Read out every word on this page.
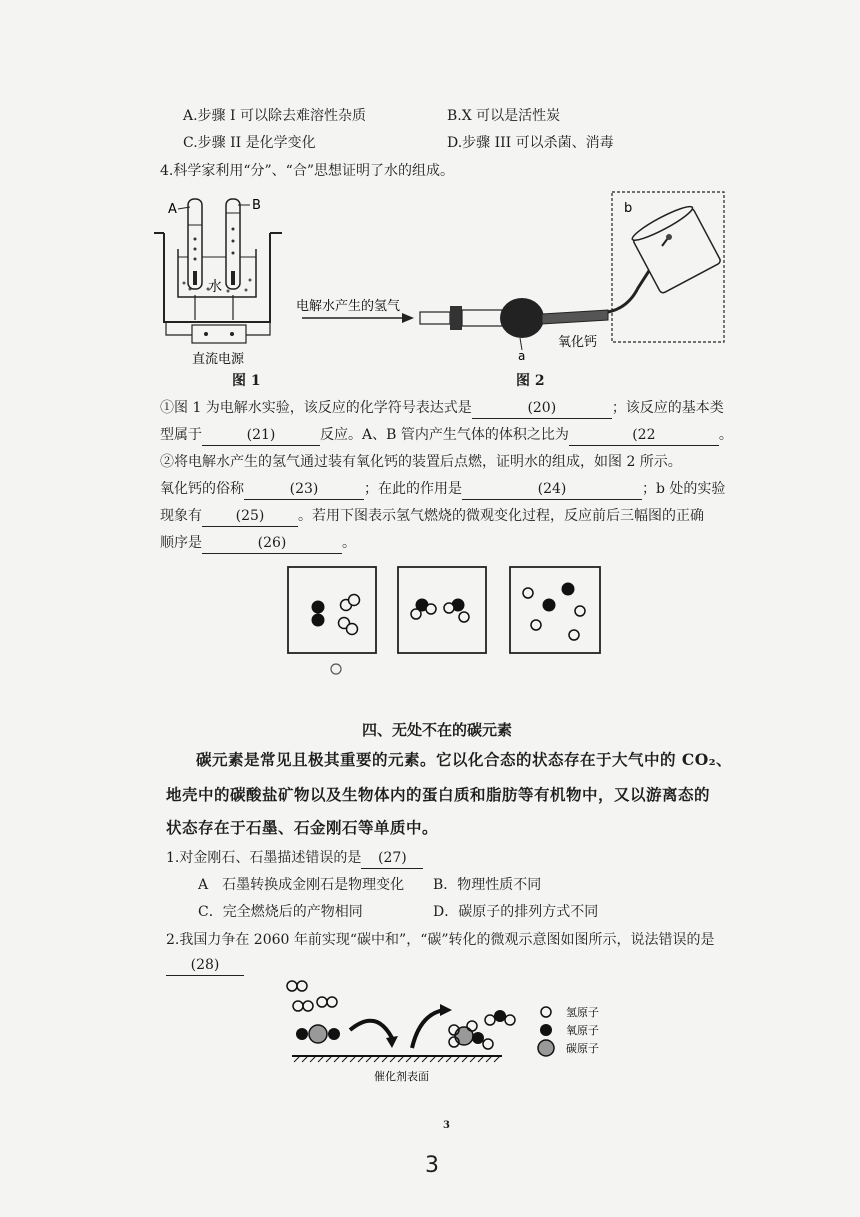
A.步骤 I 可以除去难溶性杂质	B.X 可以是活性炭
C.步骤 II 是化学变化	D.步骤 III 可以杀菌、消毒
4.科学家利用“分”、“合”思想证明了水的组成。
A	B
水
直流电源
图 1
电解水产生的氢气
a
氧化钙
b
图 2
①图 1 为电解水实验，该反应的化学符号表达式是	(20)	；该反应的基本类
型属于	(21)	反应。A、B 管内产生气体的体积之比为	(22	。
②将电解水产生的氢气通过装有氧化钙的装置后点燃，证明水的组成，如图 2 所示。
氧化钙的俗称	(23)	；在此的作用是	(24)	；b 处的实验
现象有 (25) 。若用下图表示氢气燃烧的微观变化过程，反应前后三幅图的正确
顺序是	(26)	。
四、无处不在的碳元素
碳元素是常见且极其重要的元素。它以化合态的状态存在于大气中的 CO₂、
地壳中的碳酸盐矿物以及生物体内的蛋白质和脂肪等有机物中，又以游离态的
状态存在于石墨、石金刚石等单质中。
1.对金刚石、石墨描述错误的是 (27)
A　石墨转换成金刚石是物理变化 B．物理性质不同
C．完全燃烧后的产物相同	D．碳原子的排列方式不同
2.我国力争在 2060 年前实现“碳中和”，“碳”转化的微观示意图如图所示，说法错误的是
(28)
催化剂表面
氢原子
氧原子
碳原子
3
3
